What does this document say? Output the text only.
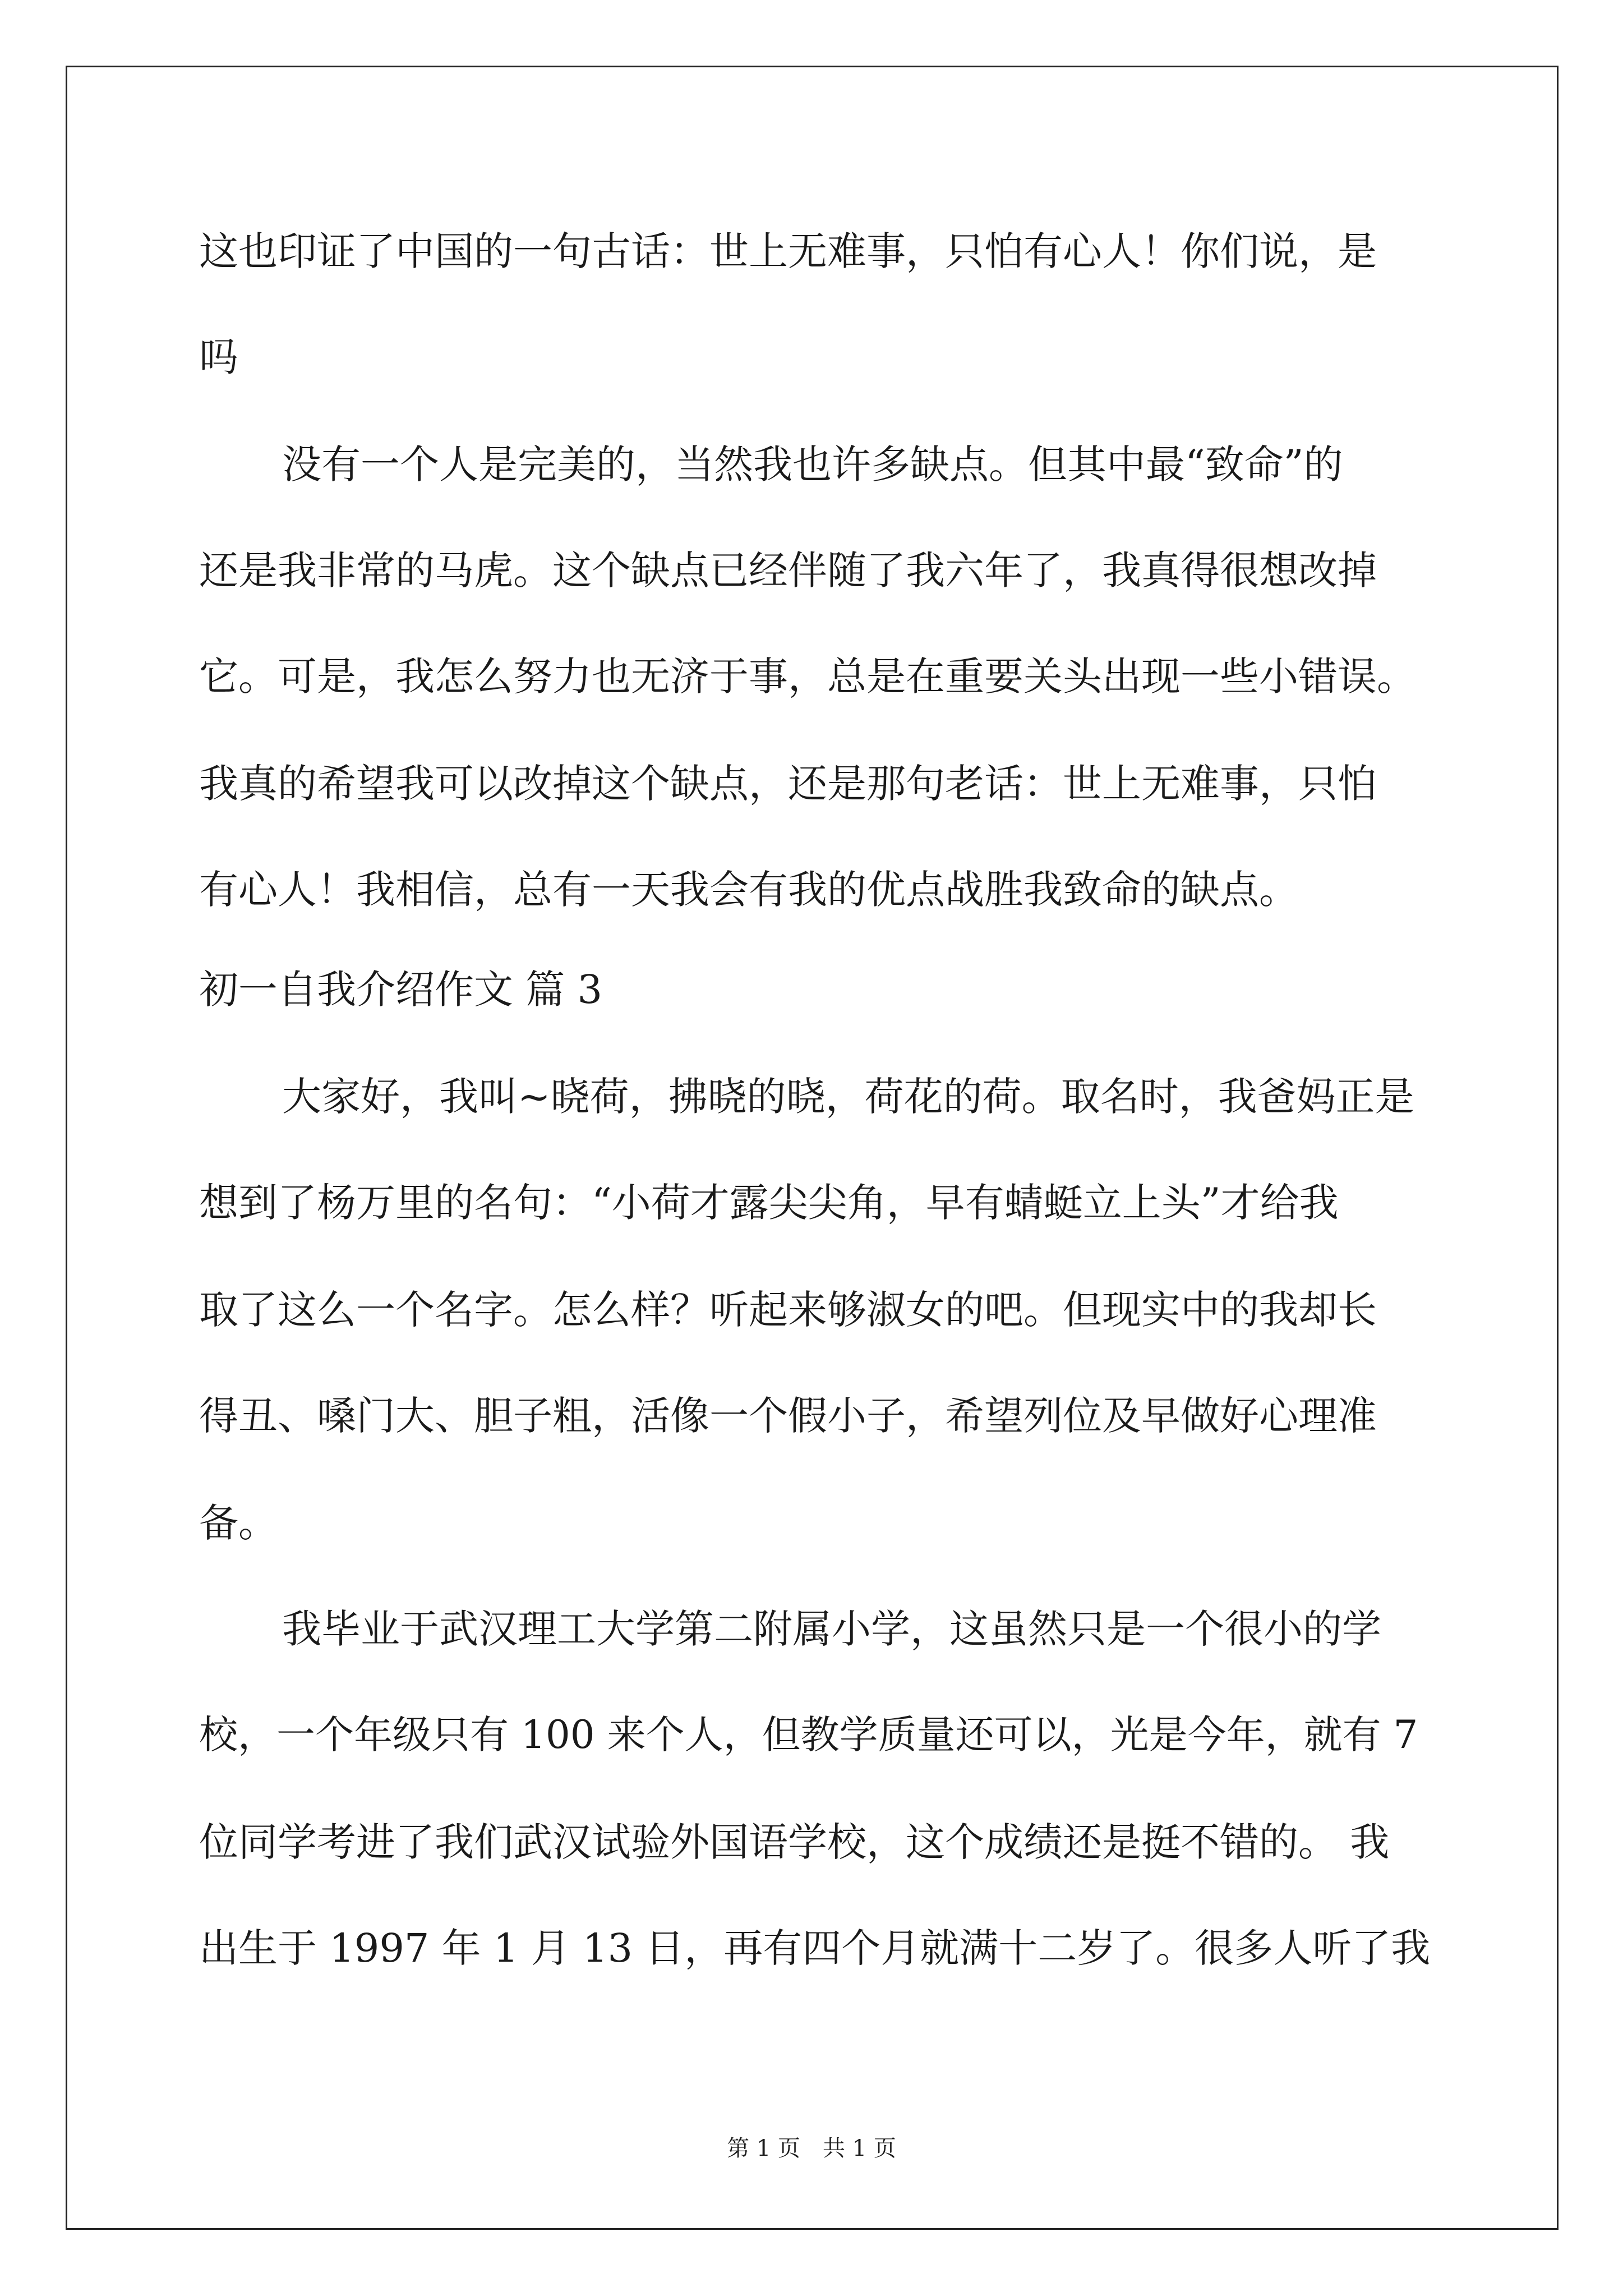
这也印证了中国的一句古话：世上无难事，只怕有心人！你们说，是
吗
没有一个人是完美的，当然我也许多缺点。但其中最“致命”的
还是我非常的马虎。这个缺点已经伴随了我六年了，我真得很想改掉
它。可是，我怎么努力也无济于事，总是在重要关头出现一些小错误。
我真的希望我可以改掉这个缺点，还是那句老话：世上无难事，只怕
有心人！我相信，总有一天我会有我的优点战胜我致命的缺点。
初一自我介绍作文 篇 3
大家好，我叫~晓荷，拂晓的晓，荷花的荷。取名时，我爸妈正是
想到了杨万里的名句：“小荷才露尖尖角，早有蜻蜓立上头”才给我
取了这么一个名字。怎么样？听起来够淑女的吧。但现实中的我却长
得丑、嗓门大、胆子粗，活像一个假小子，希望列位及早做好心理准
备。
我毕业于武汉理工大学第二附属小学，这虽然只是一个很小的学
校，一个年级只有 100 来个人，但教学质量还可以，光是今年，就有 7
位同学考进了我们武汉试验外国语学校，这个成绩还是挺不错的。 我
出生于 1997 年 1 月 13 日，再有四个月就满十二岁了。很多人听了我
第 1 页 共 1 页
